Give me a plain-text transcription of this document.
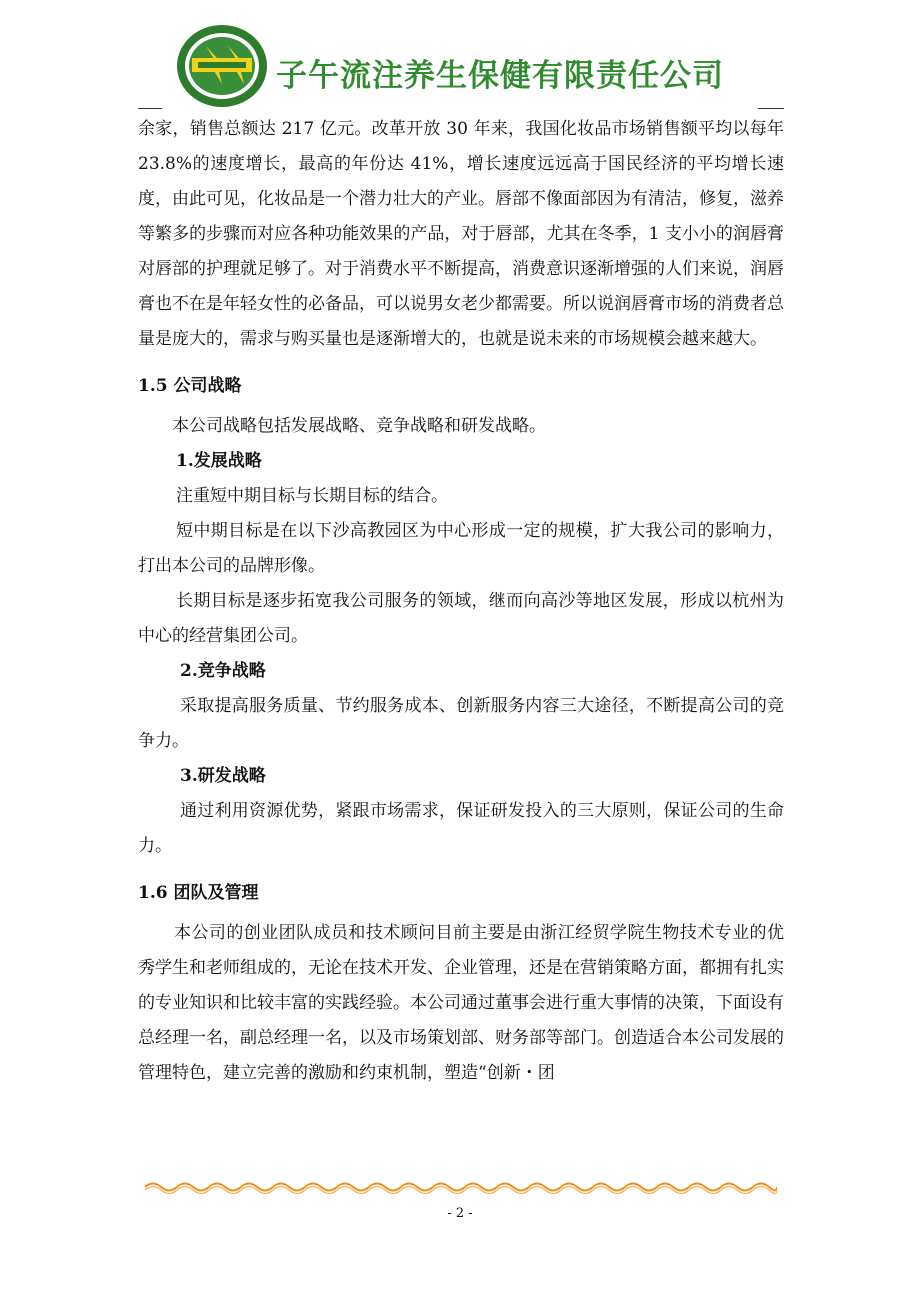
子午流注养生保健有限责任公司

余家，销售总额达 217 亿元。改革开放 30 年来，我国化妆品市场销售额平均以每年 23.8%的速度增长，最高的年份达 41%，增长速度远远高于国民经济的平均增长速度，由此可见，化妆品是一个潜力壮大的产业。唇部不像面部因为有清洁，修复，滋养等繁多的步骤而对应各种功能效果的产品，对于唇部，尤其在冬季，1 支小小的润唇膏对唇部的护理就足够了。对于消费水平不断提高，消费意识逐渐增强的人们来说，润唇膏也不在是年轻女性的必备品，可以说男女老少都需要。所以说润唇膏市场的消费者总量是庞大的，需求与购买量也是逐渐增大的，也就是说未来的市场规模会越来越大。

1.5 公司战略

本公司战略包括发展战略、竞争战略和研发战略。

1.发展战略

注重短中期目标与长期目标的结合。

短中期目标是在以下沙高教园区为中心形成一定的规模，扩大我公司的影响力，打出本公司的品牌形像。

长期目标是逐步拓宽我公司服务的领域，继而向高沙等地区发展，形成以杭州为中心的经营集团公司。

2.竞争战略

采取提高服务质量、节约服务成本、创新服务内容三大途径，不断提高公司的竞争力。

3.研发战略

通过利用资源优势，紧跟市场需求，保证研发投入的三大原则，保证公司的生命力。

1.6 团队及管理

本公司的创业团队成员和技术顾问目前主要是由浙江经贸学院生物技术专业的优秀学生和老师组成的，无论在技术开发、企业管理，还是在营销策略方面，都拥有扎实的专业知识和比较丰富的实践经验。本公司通过董事会进行重大事情的决策，下面设有总经理一名，副总经理一名，以及市场策划部、财务部等部门。创造适合本公司发展的管理特色，建立完善的激励和约束机制，塑造“创新・团

- 2 -
